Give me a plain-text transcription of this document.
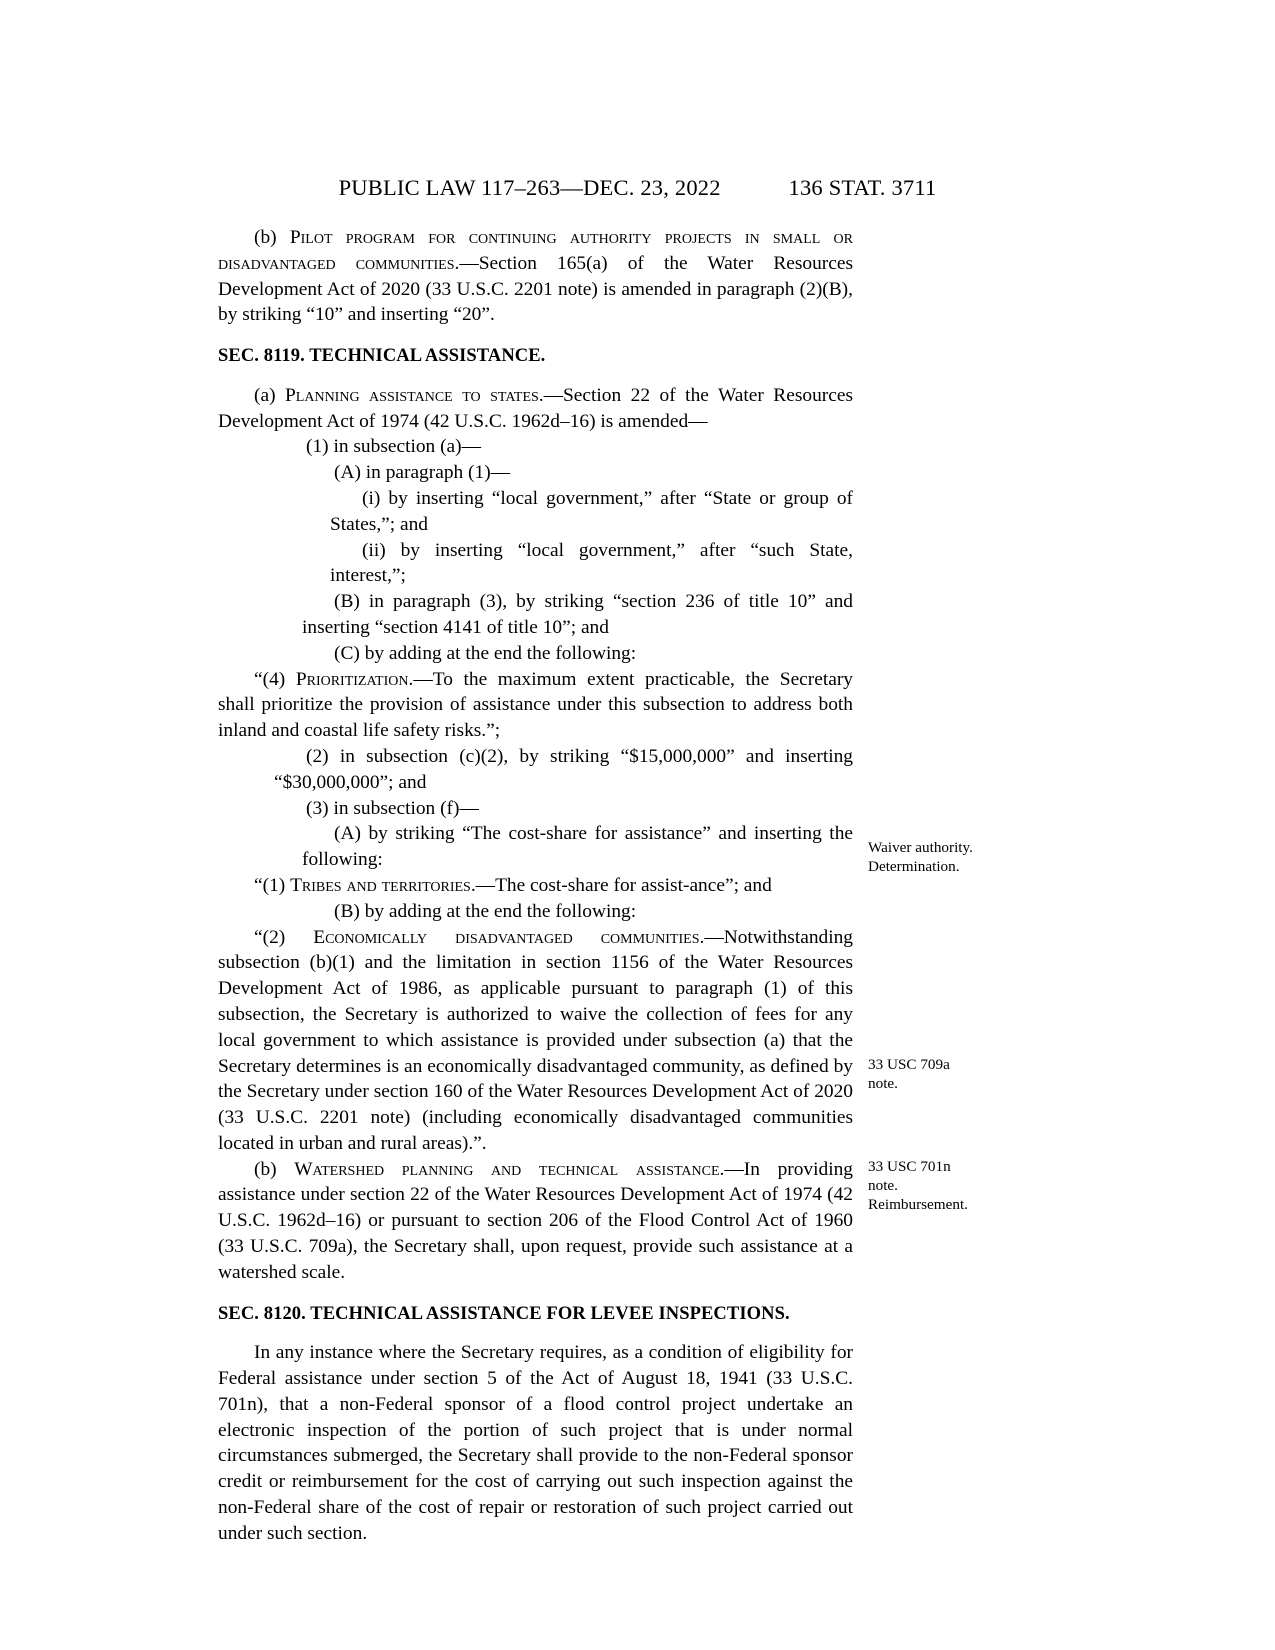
PUBLIC LAW 117–263—DEC. 23, 2022	136 STAT. 3711

(b) Pilot program for continuing authority projects in small or disadvantaged communities.—Section 165(a) of the Water Resources Development Act of 2020 (33 U.S.C. 2201 note) is amended in paragraph (2)(B), by striking “10” and inserting “20”.

SEC. 8119. TECHNICAL ASSISTANCE.

(a) Planning assistance to states.—Section 22 of the Water Resources Development Act of 1974 (42 U.S.C. 1962d–16) is amended—

(1) in subsection (a)—

(A) in paragraph (1)—

(i) by inserting “local government,” after “State or group of States,”; and

(ii) by inserting “local government,” after “such State, interest,”;

(B) in paragraph (3), by striking “section 236 of title 10” and inserting “section 4141 of title 10”; and

(C) by adding at the end the following:

“(4) Prioritization.—To the maximum extent practicable, the Secretary shall prioritize the provision of assistance under this subsection to address both inland and coastal life safety risks.”;

(2) in subsection (c)(2), by striking “$15,000,000” and inserting “$30,000,000”; and

(3) in subsection (f)—

(A) by striking “The cost-share for assistance” and inserting the following:

“(1) Tribes and territories.—The cost-share for assist-ance”; and

(B) by adding at the end the following:

“(2) Economically disadvantaged communities.—Notwithstanding subsection (b)(1) and the limitation in section 1156 of the Water Resources Development Act of 1986, as applicable pursuant to paragraph (1) of this subsection, the Secretary is authorized to waive the collection of fees for any local government to which assistance is provided under subsection (a) that the Secretary determines is an economically disadvantaged community, as defined by the Secretary under section 160 of the Water Resources Development Act of 2020 (33 U.S.C. 2201 note) (including economically disadvantaged communities located in urban and rural areas).”.

(b) Watershed planning and technical assistance.—In providing assistance under section 22 of the Water Resources Development Act of 1974 (42 U.S.C. 1962d–16) or pursuant to section 206 of the Flood Control Act of 1960 (33 U.S.C. 709a), the Secretary shall, upon request, provide such assistance at a watershed scale.

SEC. 8120. TECHNICAL ASSISTANCE FOR LEVEE INSPECTIONS.

In any instance where the Secretary requires, as a condition of eligibility for Federal assistance under section 5 of the Act of August 18, 1941 (33 U.S.C. 701n), that a non-Federal sponsor of a flood control project undertake an electronic inspection of the portion of such project that is under normal circumstances submerged, the Secretary shall provide to the non-Federal sponsor credit or reimbursement for the cost of carrying out such inspection against the non-Federal share of the cost of repair or restoration of such project carried out under such section.

Waiver authority.
Determination.
33 USC 709a
note.
33 USC 701n
note.
Reimbursement.
